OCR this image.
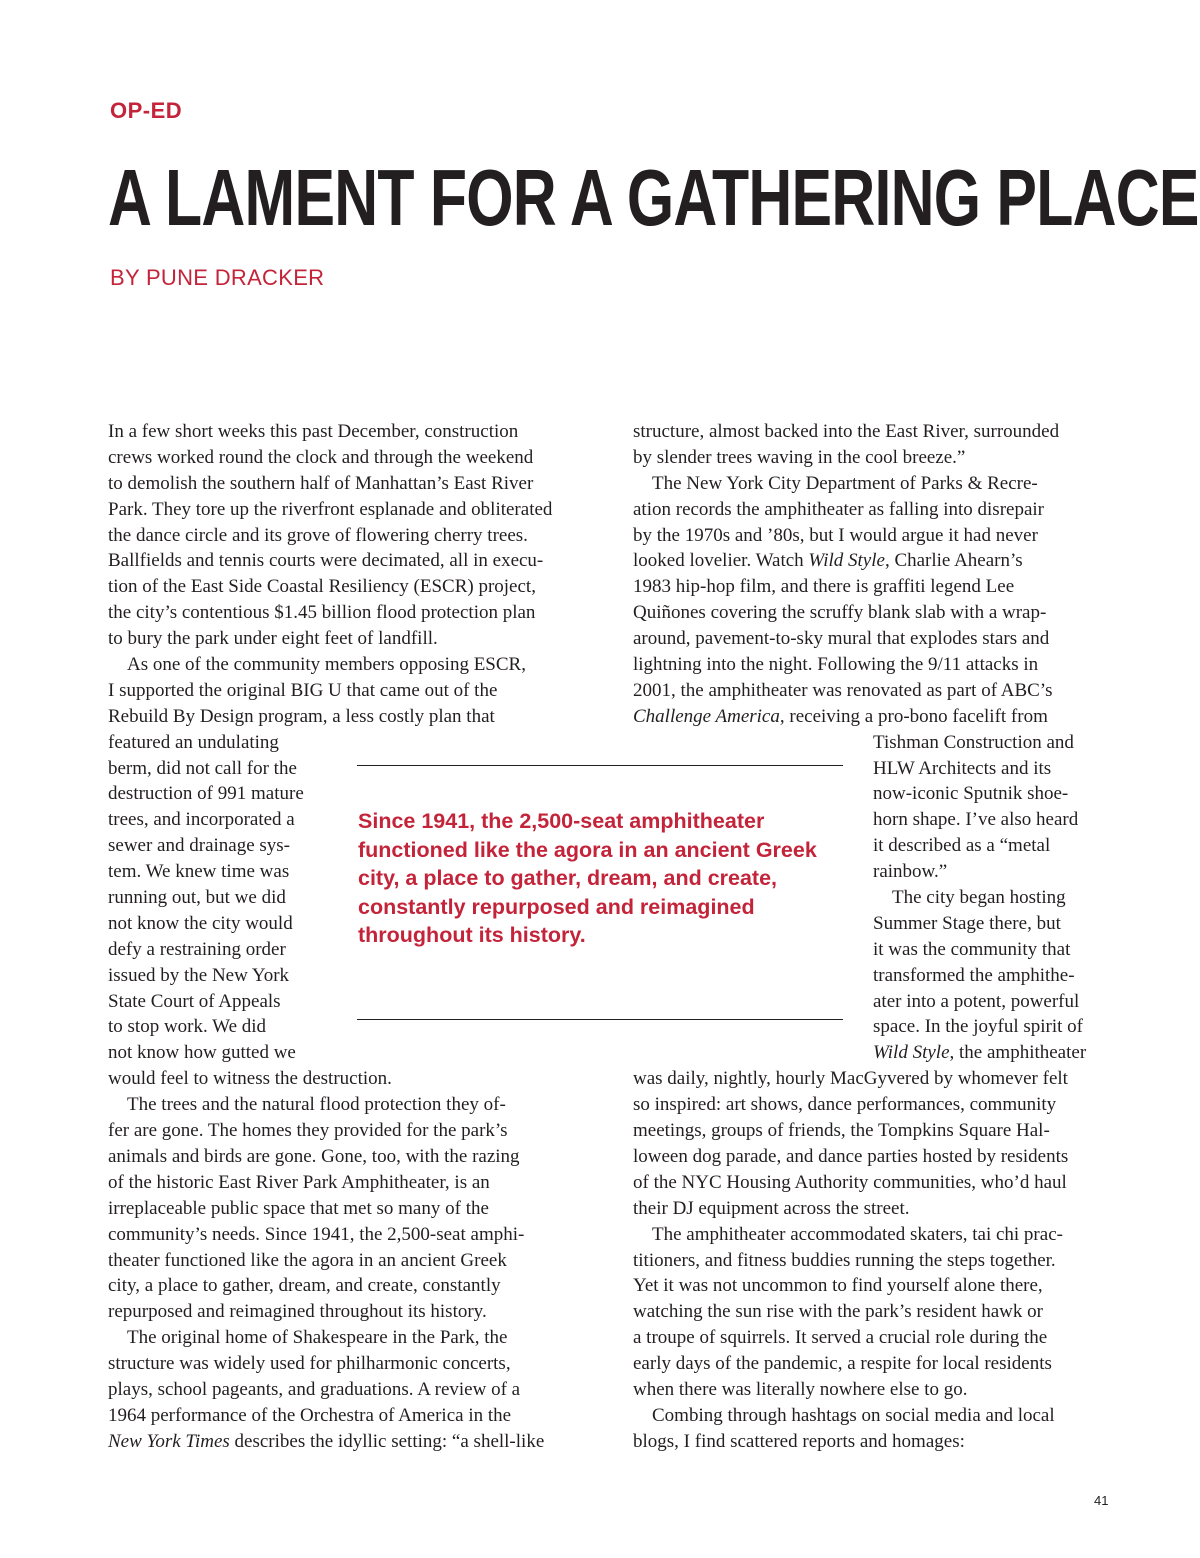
OP-ED
A LAMENT FOR A GATHERING PLACE
BY PUNE DRACKER
In a few short weeks this past December, construction
crews worked round the clock and through the weekend
to demolish the southern half of Manhattan’s East River
Park. They tore up the riverfront esplanade and obliterated
the dance circle and its grove of flowering cherry trees.
Ballfields and tennis courts were decimated, all in execu-
tion of the East Side Coastal Resiliency (ESCR) project,
the city’s contentious $1.45 billion flood protection plan
to bury the park under eight feet of landfill.
As one of the community members opposing ESCR,
I supported the original BIG U that came out of the
Rebuild By Design program, a less costly plan that
featured an undulating
berm, did not call for the
destruction of 991 mature
trees, and incorporated a
sewer and drainage sys-
tem. We knew time was
running out, but we did
not know the city would
defy a restraining order
issued by the New York
State Court of Appeals
to stop work. We did
not know how gutted we
would feel to witness the destruction.
The trees and the natural flood protection they of-
fer are gone. The homes they provided for the park’s
animals and birds are gone. Gone, too, with the razing
of the historic East River Park Amphitheater, is an
irreplaceable public space that met so many of the
community’s needs. Since 1941, the 2,500-seat amphi-
theater functioned like the agora in an ancient Greek
city, a place to gather, dream, and create, constantly
repurposed and reimagined throughout its history.
The original home of Shakespeare in the Park, the
structure was widely used for philharmonic concerts,
plays, school pageants, and graduations. A review of a
1964 performance of the Orchestra of America in the
New York Times describes the idyllic setting: “a shell-like
structure, almost backed into the East River, surrounded
by slender trees waving in the cool breeze.”
The New York City Department of Parks & Recre-
ation records the amphitheater as falling into disrepair
by the 1970s and ’80s, but I would argue it had never
looked lovelier. Watch Wild Style, Charlie Ahearn’s
1983 hip-hop film, and there is graffiti legend Lee
Quiñones covering the scruffy blank slab with a wrap-
around, pavement-to-sky mural that explodes stars and
lightning into the night. Following the 9/11 attacks in
2001, the amphitheater was renovated as part of ABC’s
Challenge America, receiving a pro-bono facelift from
Tishman Construction and
HLW Architects and its
now-iconic Sputnik shoe-
horn shape. I’ve also heard
it described as a “metal
rainbow.”
The city began hosting
Summer Stage there, but
it was the community that
transformed the amphithe-
ater into a potent, powerful
space. In the joyful spirit of
Wild Style, the amphitheater
was daily, nightly, hourly MacGyvered by whomever felt
so inspired: art shows, dance performances, community
meetings, groups of friends, the Tompkins Square Hal-
loween dog parade, and dance parties hosted by residents
of the NYC Housing Authority communities, who’d haul
their DJ equipment across the street.
The amphitheater accommodated skaters, tai chi prac-
titioners, and fitness buddies running the steps together.
Yet it was not uncommon to find yourself alone there,
watching the sun rise with the park’s resident hawk or
a troupe of squirrels. It served a crucial role during the
early days of the pandemic, a respite for local residents
when there was literally nowhere else to go.
Combing through hashtags on social media and local
blogs, I find scattered reports and homages:

Since 1941, the 2,500-seat amphitheater functioned like the agora in an ancient Greek city, a place to gather, dream, and create, constantly repurposed and reimagined throughout its history.

41
